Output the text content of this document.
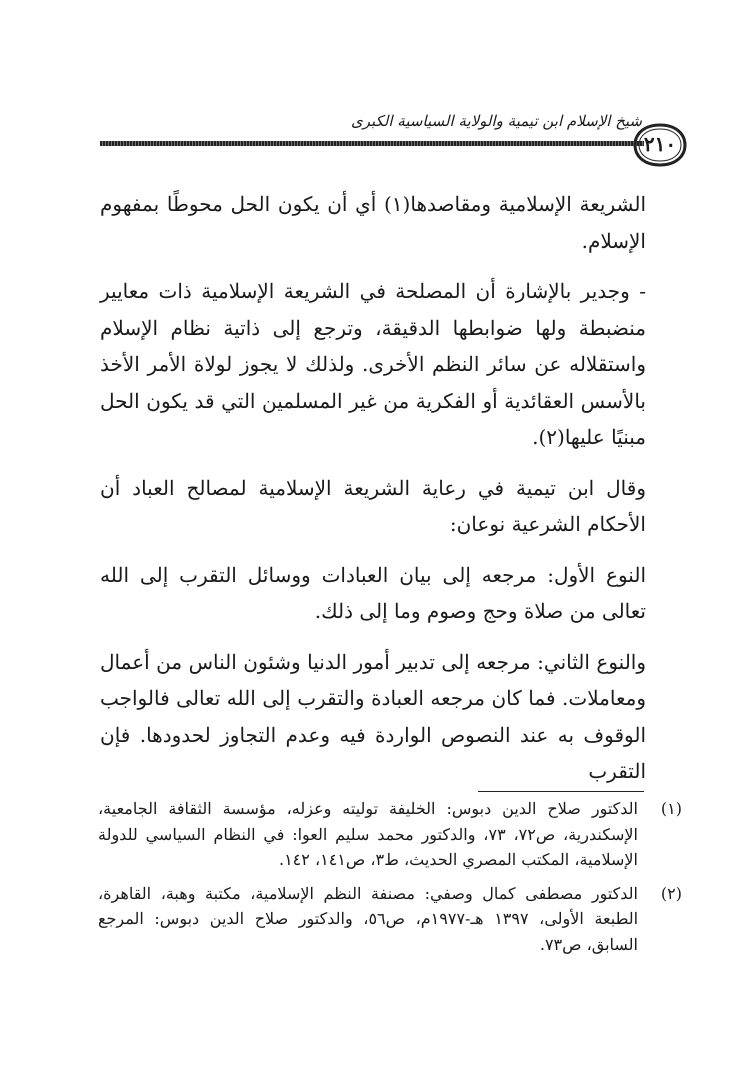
شيخ الإسلام ابن تيمية والولاية السياسية الكبرى
٢١٠

الشريعة الإسلامية ومقاصدها(١) أي أن يكون الحل محوطًا بمفهوم الإسلام.

- وجدير بالإشارة أن المصلحة في الشريعة الإسلامية ذات معايير منضبطة ولها ضوابطها الدقيقة، وترجع إلى ذاتية نظام الإسلام واستقلاله عن سائر النظم الأخرى. ولذلك لا يجوز لولاة الأمر الأخذ بالأسس العقائدية أو الفكرية من غير المسلمين التي قد يكون الحل مبنيًا عليها(٢).

وقال ابن تيمية في رعاية الشريعة الإسلامية لمصالح العباد أن الأحكام الشرعية نوعان:

النوع الأول: مرجعه إلى بيان العبادات ووسائل التقرب إلى الله تعالى من صلاة وحج وصوم وما إلى ذلك.

والنوع الثاني: مرجعه إلى تدبير أمور الدنيا وشئون الناس من أعمال ومعاملات. فما كان مرجعه العبادة والتقرب إلى الله تعالى فالواجب الوقوف به عند النصوص الواردة فيه وعدم التجاوز لحدودها. فإن التقرب

(١)
الدكتور صلاح الدين دبوس: الخليفة توليته وعزله، مؤسسة الثقافة الجامعية، الإسكندرية، ص٧٢، ٧٣، والدكتور محمد سليم العوا: في النظام السياسي للدولة الإسلامية، المكتب المصري الحديث، ط٣، ص١٤١، ١٤٢.
(٢)
الدكتور مصطفى كمال وصفي: مصنفة النظم الإسلامية، مكتبة وهبة، القاهرة، الطبعة الأولى، ١٣٩٧ هـ-١٩٧٧م، ص٥٦، والدكتور صلاح الدين دبوس: المرجع السابق، ص٧٣.
